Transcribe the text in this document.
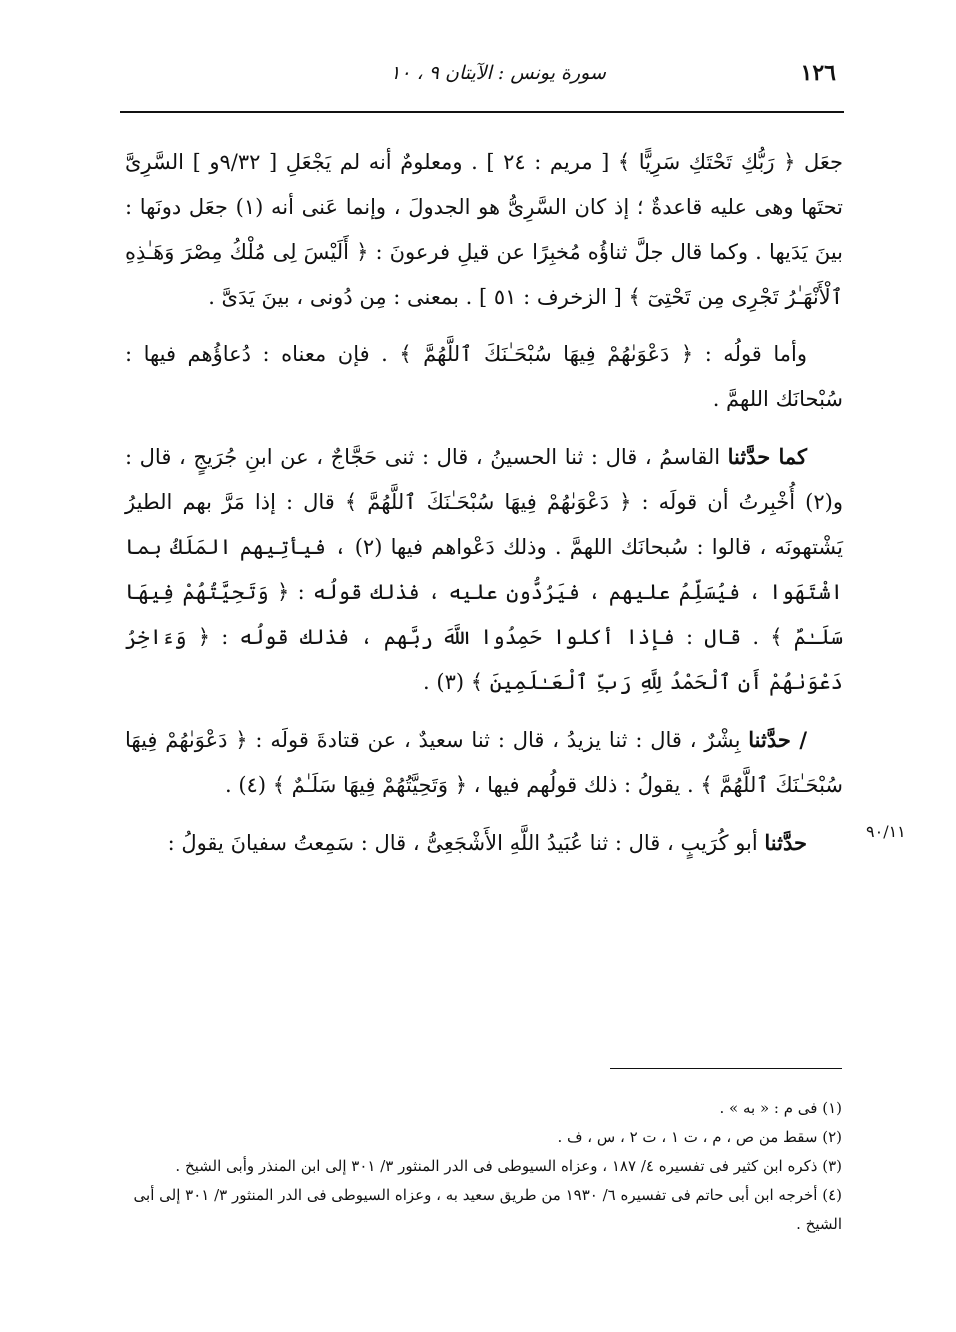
١٢٦
سورة يونس : الآيتان ٩ ، ١٠

جعَل ﴿ رَبُّكِ تَحْتَكِ سَرِيًّا ﴾ [ مريم : ٢٤ ] . ومعلومٌ أنه لم يَجْعَلِ [ ٩/٣٢و ] السَّرِىَّ تحتَها وهى عليه قاعدةٌ ؛ إذ كان السَّرِىُّ هو الجدولَ ، وإنما عَنى أنه (١) جعَل دونَها : بينَ يَدَيها . وكما قال جلَّ ثناؤُه مُخبِرًا عن قيلِ فرعونَ : ﴿ أَلَيْسَ لِى مُلْكُ مِصْرَ وَهَـٰذِهِ ٱلْأَنْهَـٰرُ تَجْرِى مِن تَحْتِىٓ ﴾ [ الزخرف : ٥١ ] . بمعنى : مِن دُونى ، بينَ يَدَىَّ .

وأما قولُه : ﴿ دَعْوَىٰهُمْ فِيهَا سُبْحَـٰنَكَ ٱللَّهُمَّ ﴾ . فإن معناه : دُعاؤُهم فيها : سُبْحانَك اللهمَّ .

كما حدَّثنا القاسمُ ، قال : ثنا الحسينُ ، قال : ثنى حَجَّاجٌ ، عن ابنِ جُرَيجٍ ، قال : و(٢) أُخْبِرتُ أن قولَه : ﴿ دَعْوَىٰهُمْ فِيهَا سُبْحَـٰنَكَ ٱللَّهُمَّ ﴾ قال : إذا مَرَّ بهم الطيرُ يَشْتهونَه ، قالوا : سُبحانَك اللهمَّ . وذلك دَعْواهم فيها (٢) ، فيأتِيهم المَلَكُ بما اشْتَهَوا ، فيُسَلِّمُ عليهم ، فيَرُدُّون عليه ، فذلك قولُه : ﴿ وَتَحِيَّتُهُمْ فِيهَا سَلَـٰمٌ ﴾ . قال : فإذا أكلوا حَمِدُوا اللَّهَ ربَّهم ، فذلك قولُه : ﴿ وَءَاخِرُ دَعْوَىٰهُمْ أَنِ ٱلْحَمْدُ لِلَّهِ رَبِّ ٱلْعَـٰلَمِينَ ﴾ (٣) .

/ حدَّثنا بِشْرٌ ، قال : ثنا يزيدُ ، قال : ثنا سعيدٌ ، عن قتادةَ قولَه : ﴿ دَعْوَىٰهُمْ فِيهَا سُبْحَـٰنَكَ ٱللَّهُمَّ ﴾ . يقولُ : ذلك قولُهم فيها ، ﴿ وَتَحِيَّتُهُمْ فِيهَا سَلَـٰمٌ ﴾ (٤) .

حدَّثنا أبو كُرَيبٍ ، قال : ثنا عُبَيدُ اللَّهِ الأَشْجَعِىُّ ، قال : سَمِعتُ سفيانَ يقولُ :	٩٠/١١

(١) فى م : « به » .

(٢) سقط من ص ، م ، ت ١ ، ت ٢ ، س ، ف .

(٣) ذكره ابن كثير فى تفسيره ٤/ ١٨٧ ، وعزاه السيوطى فى الدر المنثور ٣/ ٣٠١ إلى ابن المنذر وأبى الشيخ .

(٤) أخرجه ابن أبى حاتم فى تفسيره ٦/ ١٩٣٠ من طريق سعيد به ، وعزاه السيوطى فى الدر المنثور ٣/ ٣٠١ إلى أبى الشيخ .
